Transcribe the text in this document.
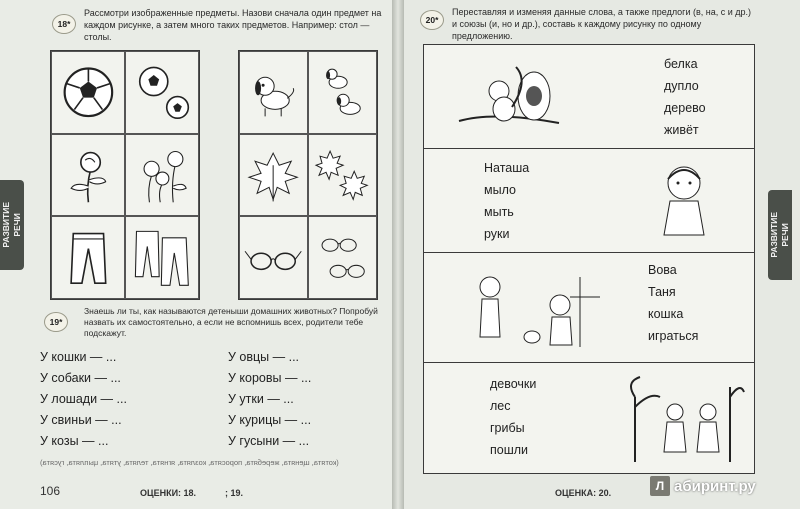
РАЗВИТИЕ
РЕЧИ
18*
Рассмотри изображенные предметы. Назови сначала один предмет на каждом рисунке, а затем много таких предметов. Например: стол — столы.
19*
Знаешь ли ты, как называются детеныши домашних животных? Попробуй назвать их самостоятельно, а если не вспомнишь всех, родители тебе подскажут.
У кошки — ...
У собаки — ...
У лошади — ...
У свиньи — ...
У козы — ...
У овцы — ...
У коровы — ...
У утки — ...
У курицы — ...
У гусыни — ...
(котята, щенята, жеребята, поросята, козлята, ягнята, телята, утята, цыплята, гусята)
106	ОЦЕНКИ: 18.	; 19.
РАЗВИТИЕ
РЕЧИ
20*
Переставляя и изменяя данные слова, а также предлоги (в, на, с и др.) и союзы (и, но и др.), составь к каждому рисунку по одному предложению.
белка
дупло
дерево
живёт
Наташа
мыло
мыть
руки
Вова
Таня
кошка
играться
девочки
лес
грибы
пошли
ОЦЕНКА: 20.	Л абиринт.ру
